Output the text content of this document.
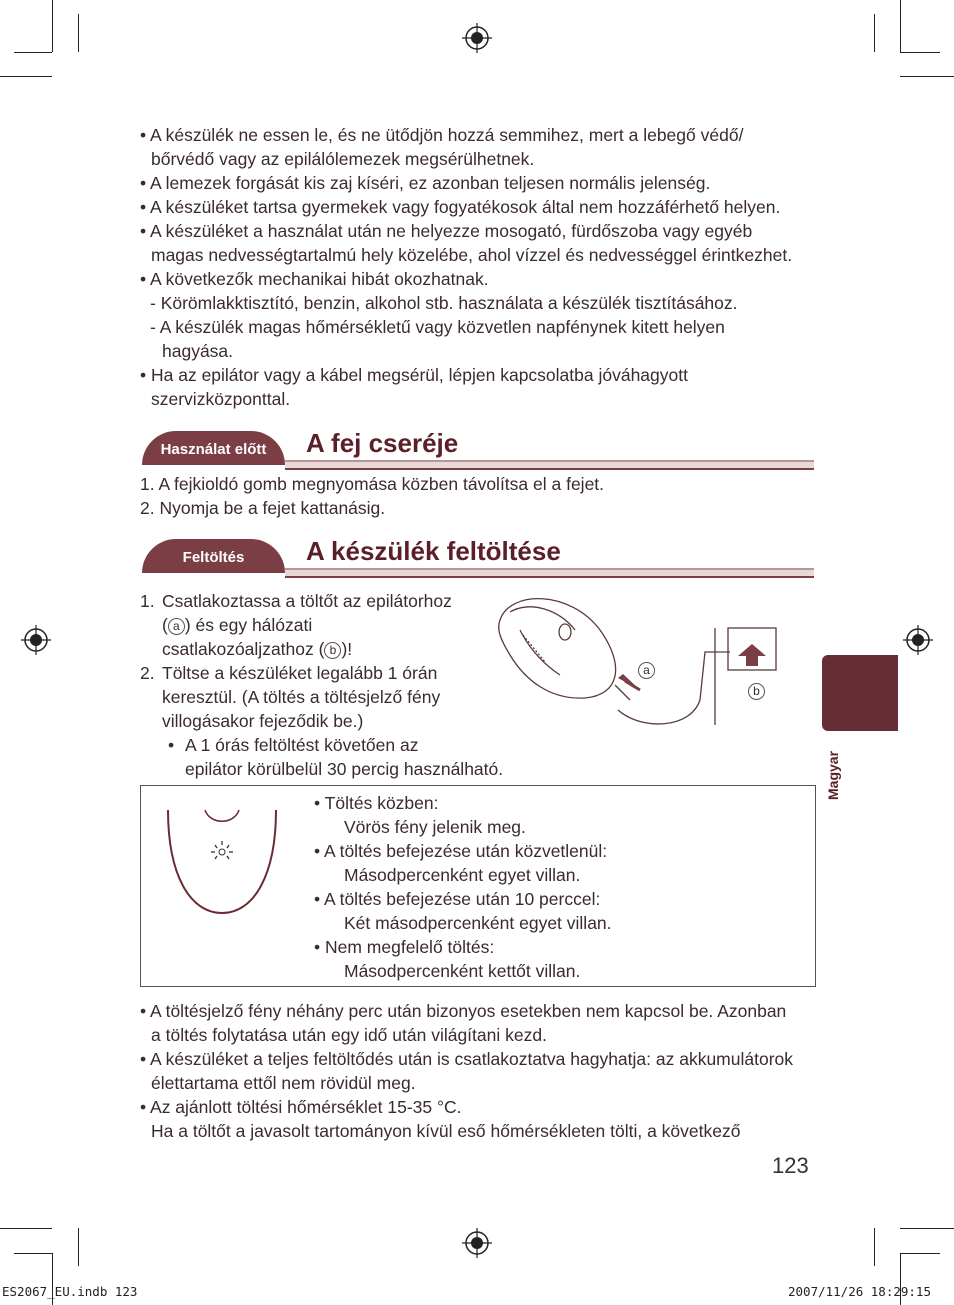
• A készülék ne essen le, és ne ütődjön hozzá semmihez, mert a lebegő védő/
bőrvédő vagy az epilálólemezek megsérülhetnek.
• A lemezek forgását kis zaj kíséri, ez azonban teljesen normális jelenség.
• A készüléket tartsa gyermekek vagy fogyatékosok által nem hozzáférhető helyen.
• A készüléket a használat után ne helyezze mosogató, fürdőszoba vagy egyéb
magas nedvességtartalmú hely közelébe, ahol vízzel és nedvességgel érintkezhet.
• A következők mechanikai hibát okozhatnak.
- Körömlakktisztító, benzin, alkohol stb. használata a készülék tisztításához.
- A készülék magas hőmérsékletű vagy közvetlen napfénynek kitett helyen
hagyása.
• Ha az epilátor vagy a kábel megsérül, lépjen kapcsolatba jóváhagyott
szervizközponttal.
Használat előtt	A fej cseréje
1. A fejkioldó gomb megnyomása közben távolítsa el a fejet.
2. Nyomja be a fejet kattanásig.
Feltöltés	A készülék feltöltése
1. Csatlakoztassa a töltőt az epilátorhoz
( a ) és egy hálózati
csatlakozóaljzathoz ( b )!
2. Töltse a készüléket legalább 1 órán
keresztül. (A töltés a töltésjelző fény
villogásakor fejeződik be.)
• A 1 órás feltöltést követően az
epilátor körülbelül 30 percig használható.
a
b
• Töltés közben:
Vörös fény jelenik meg.
• A töltés befejezése után közvetlenül:
Másodpercenként egyet villan.
• A töltés befejezése után 10 perccel:
Két másodpercenként egyet villan.
• Nem megfelelő töltés:
Másodpercenként kettőt villan.
• A töltésjelző fény néhány perc után bizonyos esetekben nem kapcsol be. Azonban
a töltés folytatása után egy idő után világítani kezd.
• A készüléket a teljes feltöltődés után is csatlakoztatva hagyhatja: az akkumulátorok
élettartama ettől nem rövidül meg.
• Az ajánlott töltési hőmérséklet 15-35 °C.
Ha a töltőt a javasolt tartományon kívül eső hőmérsékleten tölti, a következő
Magyar
123
ES2067_EU.indb 123	2007/11/26 18:29:15
